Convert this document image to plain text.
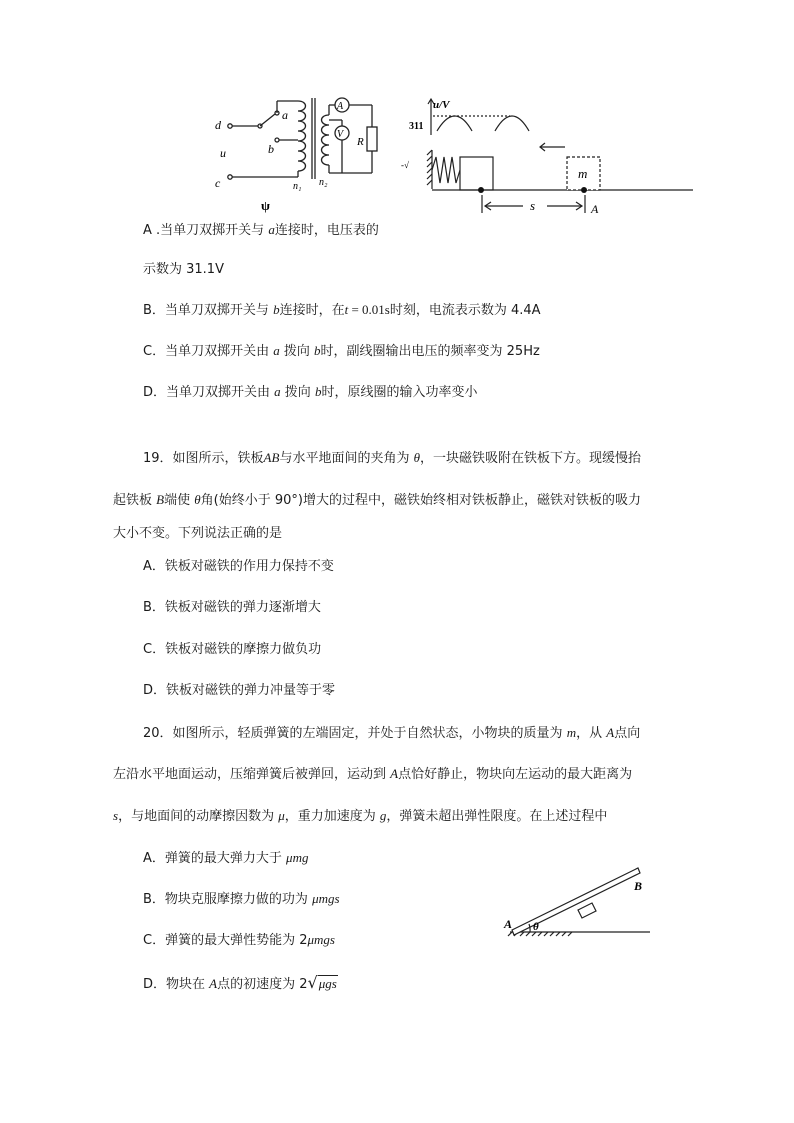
d
a
u	b
c
A
V
R
n₁ n₂
ψ
u/V
311
-√
m
s	A
A .当单刀双掷开关与 a连接时，电压表的
示数为 31.1V
B．当单刀双掷开关与 b连接时，在t = 0.01s时刻，电流表示数为 4.4A
C．当单刀双掷开关由 a 拨向 b时，副线圈输出电压的频率变为 25Hz
D．当单刀双掷开关由 a 拨向 b时，原线圈的输入功率变小
19．如图所示，铁板AB与水平地面间的夹角为 θ，一块磁铁吸附在铁板下方。现缓慢抬
起铁板 B端使 θ角(始终小于 90°)增大的过程中，磁铁始终相对铁板静止，磁铁对铁板的吸力
大小不变。下列说法正确的是
A．铁板对磁铁的作用力保持不变
B．铁板对磁铁的弹力逐渐增大
C．铁板对磁铁的摩擦力做负功
D．铁板对磁铁的弹力冲量等于零
20．如图所示，轻质弹簧的左端固定，并处于自然状态，小物块的质量为 m，从 A点向
左沿水平地面运动，压缩弹簧后被弹回，运动到 A点恰好静止，物块向左运动的最大距离为
s，与地面间的动摩擦因数为 μ，重力加速度为 g，弹簧未超出弹性限度。在上述过程中
A．弹簧的最大弹力大于 μmg
B．物块克服摩擦力做的功为 μmgs
C．弹簧的最大弹性势能为 2μmgs
D．物块在 A点的初速度为 2√μgs
A
B
θ
